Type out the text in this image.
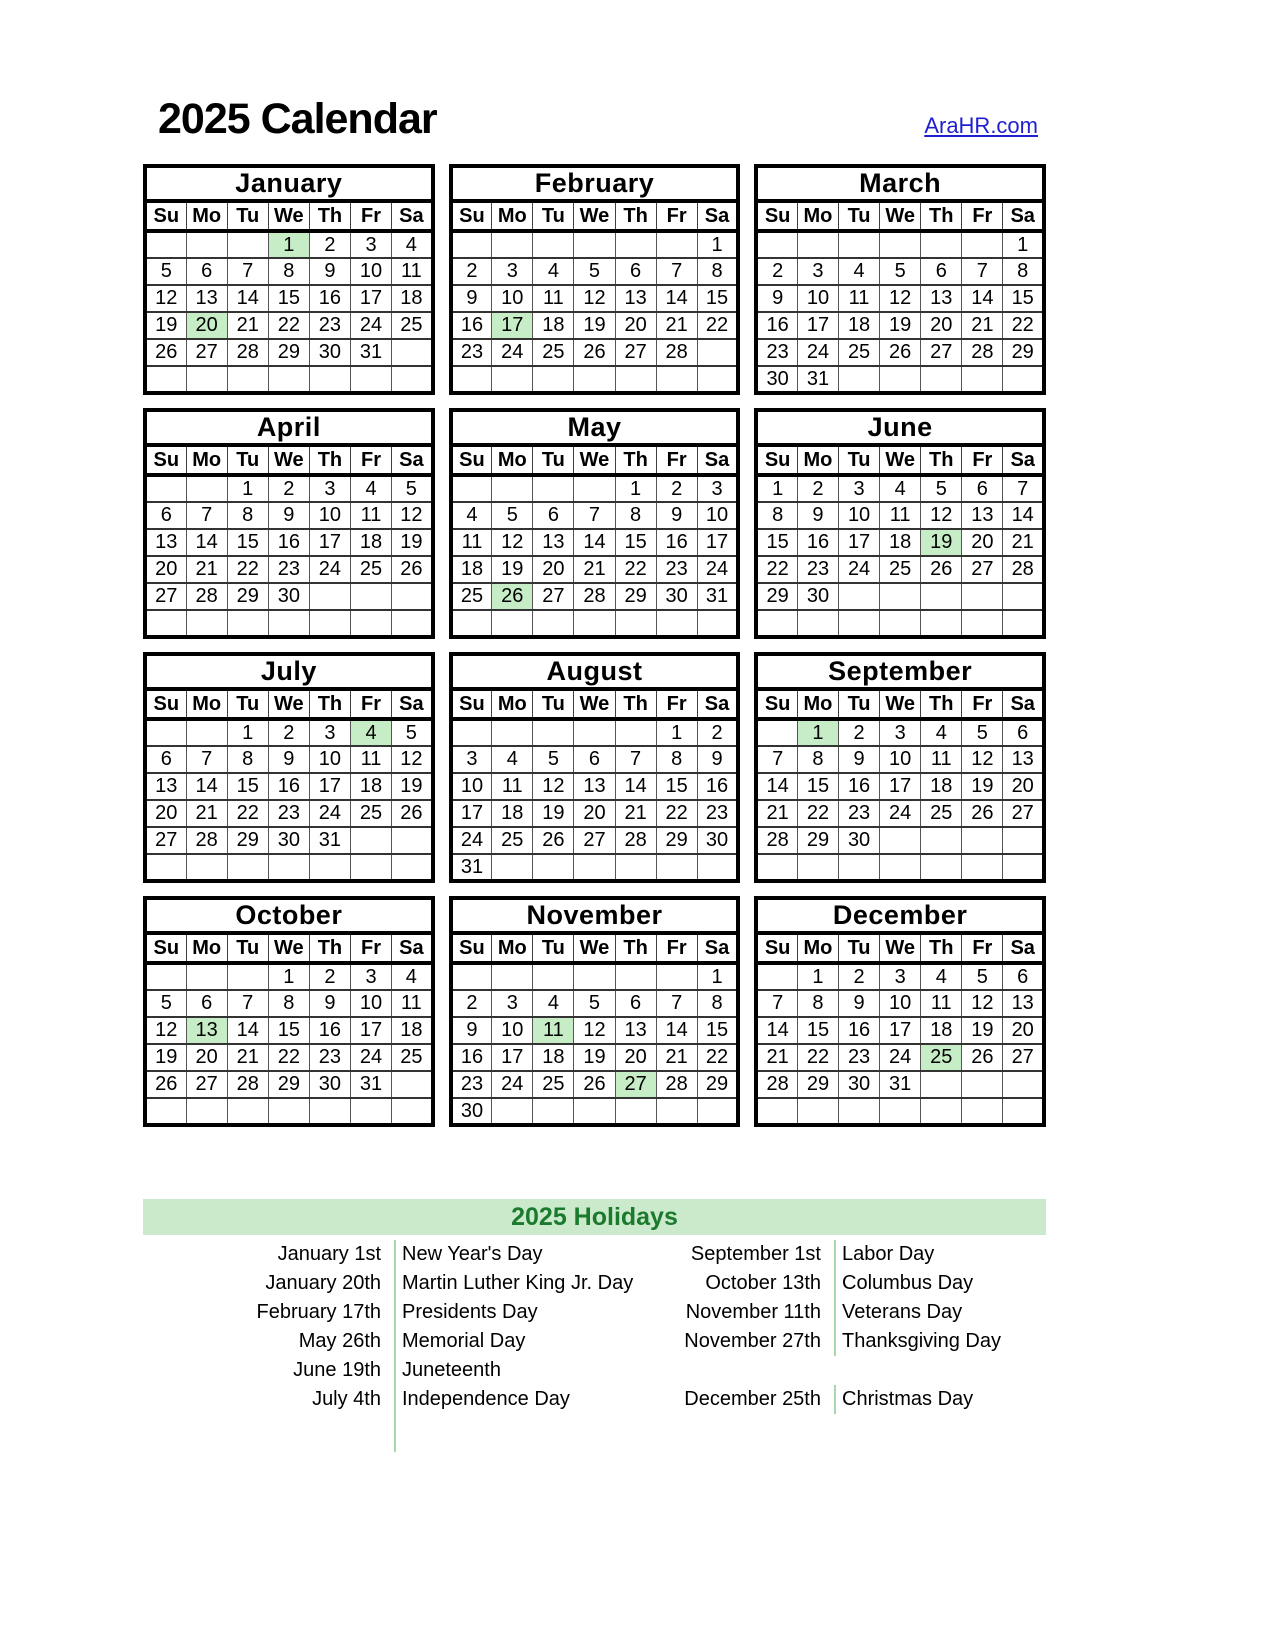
2025 Calendar	AraHR.com
January						
Su	Mo	Tu	We	Th	Fr	Sa
			1	2	3	4
5	6	7	8	9	10	11
12	13	14	15	16	17	18
19	20	21	22	23	24	25
26	27	28	29	30	31	

February						
Su	Mo	Tu	We	Th	Fr	Sa
						1
2	3	4	5	6	7	8
9	10	11	12	13	14	15
16	17	18	19	20	21	22
23	24	25	26	27	28	

March						
Su	Mo	Tu	We	Th	Fr	Sa
						1
2	3	4	5	6	7	8
9	10	11	12	13	14	15
16	17	18	19	20	21	22
23	24	25	26	27	28	29
30	31					
April						
Su	Mo	Tu	We	Th	Fr	Sa
		1	2	3	4	5
6	7	8	9	10	11	12
13	14	15	16	17	18	19
20	21	22	23	24	25	26
27	28	29	30			

May						
Su	Mo	Tu	We	Th	Fr	Sa
				1	2	3
4	5	6	7	8	9	10
11	12	13	14	15	16	17
18	19	20	21	22	23	24
25	26	27	28	29	30	31

June						
Su	Mo	Tu	We	Th	Fr	Sa
1	2	3	4	5	6	7
8	9	10	11	12	13	14
15	16	17	18	19	20	21
22	23	24	25	26	27	28
29	30					

July						
Su	Mo	Tu	We	Th	Fr	Sa
		1	2	3	4	5
6	7	8	9	10	11	12
13	14	15	16	17	18	19
20	21	22	23	24	25	26
27	28	29	30	31		

August						
Su	Mo	Tu	We	Th	Fr	Sa
					1	2
3	4	5	6	7	8	9
10	11	12	13	14	15	16
17	18	19	20	21	22	23
24	25	26	27	28	29	30
31						
September						
Su	Mo	Tu	We	Th	Fr	Sa
	1	2	3	4	5	6
7	8	9	10	11	12	13
14	15	16	17	18	19	20
21	22	23	24	25	26	27
28	29	30				

October						
Su	Mo	Tu	We	Th	Fr	Sa
			1	2	3	4
5	6	7	8	9	10	11
12	13	14	15	16	17	18
19	20	21	22	23	24	25
26	27	28	29	30	31	

November						
Su	Mo	Tu	We	Th	Fr	Sa
						1
2	3	4	5	6	7	8
9	10	11	12	13	14	15
16	17	18	19	20	21	22
23	24	25	26	27	28	29
30						
December						
Su	Mo	Tu	We	Th	Fr	Sa
	1	2	3	4	5	6
7	8	9	10	11	12	13
14	15	16	17	18	19	20
21	22	23	24	25	26	27
28	29	30	31			

2025 Holidays
January 1st	New Year's Day	September 1st	Labor Day
January 20th	Martin Luther King Jr. Day	October 13th	Columbus Day
February 17th	Presidents Day	November 11th	Veterans Day
May 26th	Memorial Day	November 27th	Thanksgiving Day
June 19th	Juneteenth		
July 4th	Independence Day	December 25th	Christmas Day
